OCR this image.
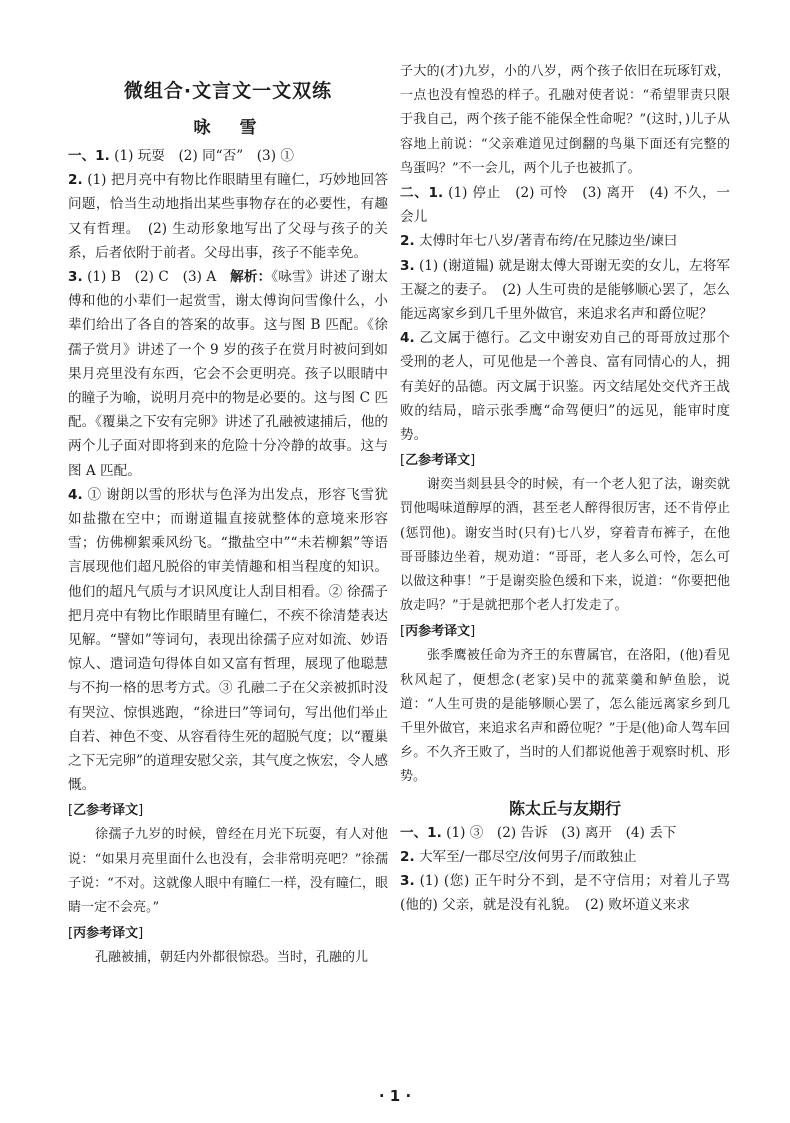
微组合·文言文一文双练
咏　雪

一、1. (1) 玩耍　(2) 同“否”　(3) ①

2. (1) 把月亮中有物比作眼睛里有瞳仁，巧妙地回答问题，恰当生动地指出某些事物存在的必要性，有趣又有哲理。　(2) 生动形象地写出了父母与孩子的关系，后者依附于前者。父母出事，孩子不能幸免。

3. (1) B　(2) C　(3) A　解析：《咏雪》讲述了谢太傅和他的小辈们一起赏雪，谢太傅询问雪像什么，小辈们给出了各自的答案的故事。这与图 B 匹配。《徐孺子赏月》讲述了一个 9 岁的孩子在赏月时被问到如果月亮里没有东西，它会不会更明亮。孩子以眼睛中的瞳子为喻，说明月亮中的物是必要的。这与图 C 匹配。《覆巢之下安有完卵》讲述了孔融被逮捕后，他的两个儿子面对即将到来的危险十分冷静的故事。这与图 A 匹配。

4. ① 谢朗以雪的形状与色泽为出发点，形容飞雪犹如盐撒在空中；而谢道韫直接就整体的意境来形容雪；仿佛柳絮乘风纷飞。“撒盐空中”“未若柳絮”等语言展现他们超凡脱俗的审美情趣和相当程度的知识。他们的超凡气质与才识风度让人刮目相看。② 徐孺子把月亮中有物比作眼睛里有瞳仁，不疾不徐清楚表达见解。“譬如”等词句，表现出徐孺子应对如流、妙语惊人、遣词造句得体自如又富有哲理，展现了他聪慧与不拘一格的思考方式。③ 孔融二子在父亲被抓时没有哭泣、惊惧逃跑，“徐进曰”等词句，写出他们举止自若、神色不变、从容看待生死的超脱气度；以“覆巢之下无完卵”的道理安慰父亲，其气度之恢宏，令人感慨。

[乙参考译文]

徐孺子九岁的时候，曾经在月光下玩耍，有人对他说：“如果月亮里面什么也没有，会非常明亮吧？”徐孺子说：“不对。这就像人眼中有瞳仁一样，没有瞳仁，眼睛一定不会亮。”

[丙参考译文]

孔融被捕，朝廷内外都很惊恐。当时，孔融的儿

子大的(才)九岁，小的八岁，两个孩子依旧在玩琢钉戏，一点也没有惶恐的样子。孔融对使者说：“希望罪责只限于我自己，两个孩子能不能保全性命呢？”(这时，)儿子从容地上前说：“父亲难道见过倒翻的鸟巢下面还有完整的鸟蛋吗？”不一会儿，两个儿子也被抓了。

二、1. (1) 停止　(2) 可怜　(3) 离开　(4) 不久，一会儿

2. 太傅时年七八岁/著青布绔/在兄膝边坐/谏曰

3. (1) (谢道韫) 就是谢太傅大哥谢无奕的女儿，左将军王凝之的妻子。　(2) 人生可贵的是能够顺心罢了，怎么能远离家乡到几千里外做官，来追求名声和爵位呢？

4. 乙文属于德行。乙文中谢安劝自己的哥哥放过那个受刑的老人，可见他是一个善良、富有同情心的人，拥有美好的品德。丙文属于识鉴。丙文结尾处交代齐王战败的结局，暗示张季鹰“命驾便归”的远见，能审时度势。

[乙参考译文]

谢奕当剡县县令的时候，有一个老人犯了法，谢奕就罚他喝味道醇厚的酒，甚至老人醉得很厉害，还不肯停止(惩罚他)。谢安当时(只有)七八岁，穿着青布裤子，在他哥哥膝边坐着，规劝道：“哥哥，老人多么可怜，怎么可以做这种事！”于是谢奕脸色缓和下来，说道：“你要把他放走吗？”于是就把那个老人打发走了。

[丙参考译文]

张季鹰被任命为齐王的东曹属官，在洛阳，(他)看见秋风起了，便想念(老家)吴中的菰菜羹和鲈鱼脍，说道：“人生可贵的是能够顺心罢了，怎么能远离家乡到几千里外做官，来追求名声和爵位呢？”于是(他)命人驾车回乡。不久齐王败了，当时的人们都说他善于观察时机、形势。

陈太丘与友期行

一、1. (1) ③　(2) 告诉　(3) 离开　(4) 丢下

2. 大军至/一郡尽空/汝何男子/而敢独止

3. (1) (您) 正午时分不到，是不守信用；对着儿子骂(他的) 父亲，就是没有礼貌。　(2) 败坏道义来求

· 1 ·
